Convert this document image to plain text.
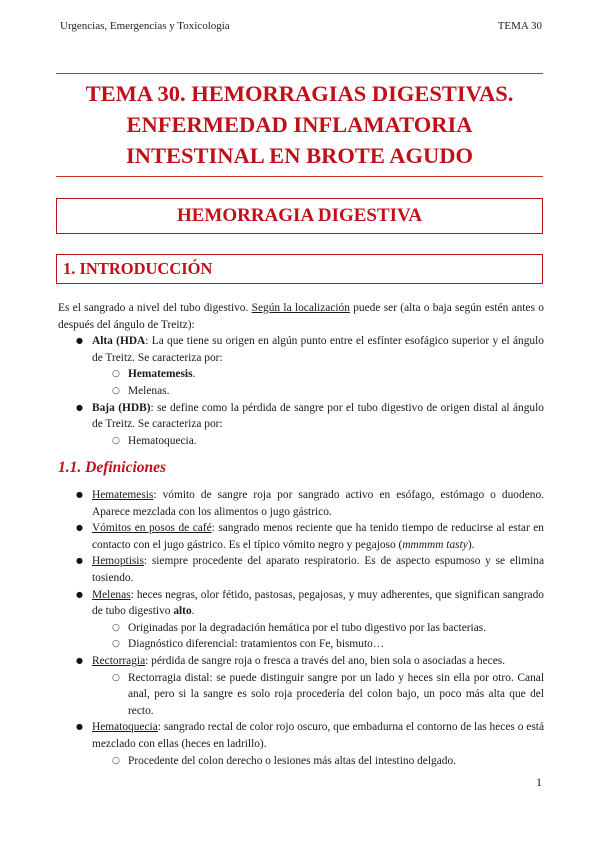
Urgencias, Emergencias y Toxicología	TEMA 30
TEMA 30. HEMORRAGIAS DIGESTIVAS.
ENFERMEDAD INFLAMATORIA
INTESTINAL EN BROTE AGUDO
HEMORRAGIA DIGESTIVA
1. INTRODUCCIÓN

Es el sangrado a nivel del tubo digestivo. Según la localización puede ser (alta o baja según estén antes o después del ángulo de Treitz):

● Alta (HDA: La que tiene su origen en algún punto entre el esfínter esofágico superior y el ángulo de Treitz. Se caracteriza por:
○ Hematemesis.
○ Melenas.
● Baja (HDB): se define como la pérdida de sangre por el tubo digestivo de origen distal al ángulo de Treitz. Se caracteriza por:
○ Hematoquecia.
1.1. Definiciones
● Hematemesis: vómito de sangre roja por sangrado activo en esófago, estómago o duodeno. Aparece mezclada con los alimentos o jugo gástrico.
● Vómitos en posos de café: sangrado menos reciente que ha tenido tiempo de reducirse al estar en contacto con el jugo gástrico. Es el típico vómito negro y pegajoso (mmmmm tasty).
● Hemoptisis: siempre procedente del aparato respiratorio. Es de aspecto espumoso y se elimina tosiendo.
● Melenas: heces negras, olor fétido, pastosas, pegajosas, y muy adherentes, que significan sangrado de tubo digestivo alto.
○ Originadas por la degradación hemática por el tubo digestivo por las bacterias.
○ Diagnóstico diferencial: tratamientos con Fe, bismuto…
● Rectorragia: pérdida de sangre roja o fresca a través del ano, bien sola o asociadas a heces.
○ Rectorragia distal: se puede distinguir sangre por un lado y heces sin ella por otro. Canal anal, pero si la sangre es solo roja procedería del colon bajo, un poco más alta que del recto.
● Hematoquecia: sangrado rectal de color rojo oscuro, que embadurna el contorno de las heces o está mezclado con ellas (heces en ladrillo).
○ Procedente del colon derecho o lesiones más altas del intestino delgado.
1
